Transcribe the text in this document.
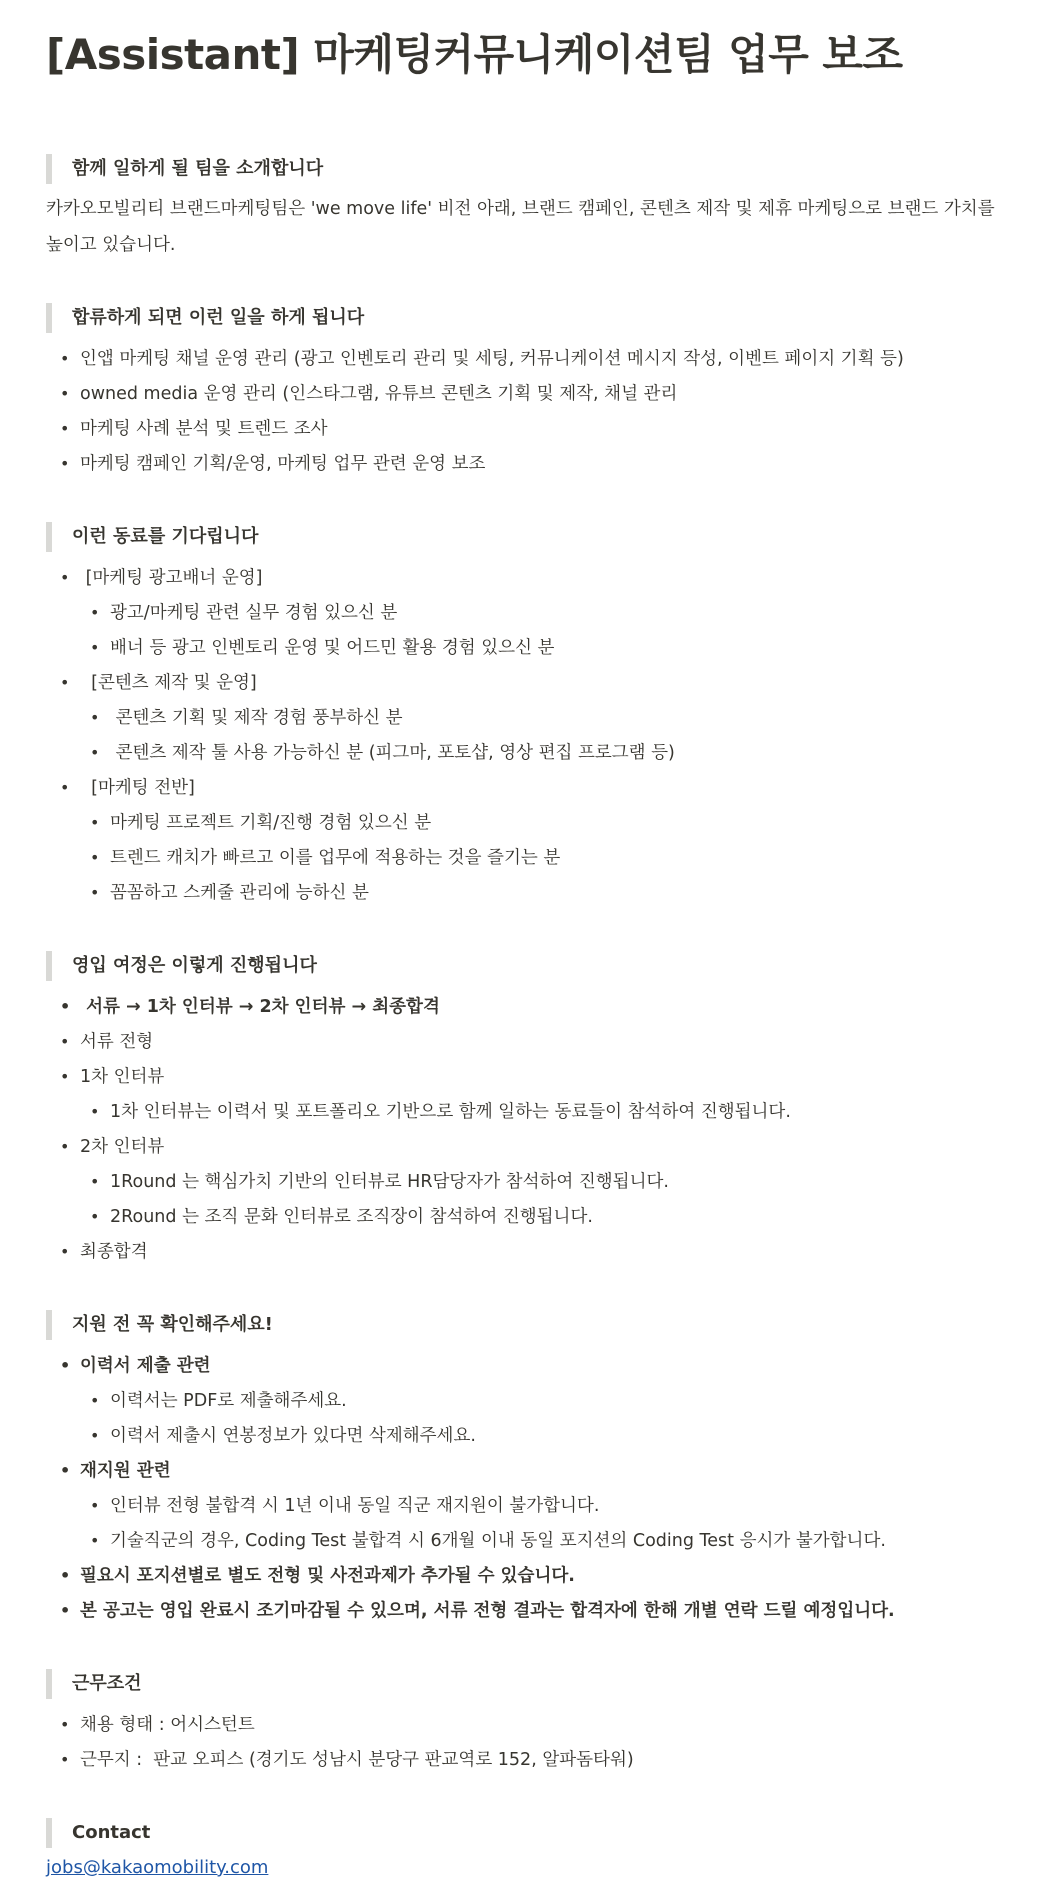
[Assistant] 마케팅커뮤니케이션팀 업무 보조
함께 일하게 될 팀을 소개합니다

카카오모빌리티 브랜드마케팅팀은 'we move life' 비전 아래, 브랜드 캠페인, 콘텐츠 제작 및 제휴 마케팅으로 브랜드 가치를 높이고 있습니다.

합류하게 되면 이런 일을 하게 됩니다
• 인앱 마케팅 채널 운영 관리 (광고 인벤토리 관리 및 세팅, 커뮤니케이션 메시지 작성, 이벤트 페이지 기획 등)
• owned media 운영 관리 (인스타그램, 유튜브 콘텐츠 기획 및 제작, 채널 관리
• 마케팅 사례 분석 및 트렌드 조사
• 마케팅 캠페인 기획/운영, 마케팅 업무 관련 운영 보조
이런 동료를 기다립니다
• [마케팅 광고배너 운영]
• 광고/마케팅 관련 실무 경험 있으신 분
• 배너 등 광고 인벤토리 운영 및 어드민 활용 경험 있으신 분
•  [콘텐츠 제작 및 운영]
• 콘텐츠 기획 및 제작 경험 풍부하신 분
• 콘텐츠 제작 툴 사용 가능하신 분 (피그마, 포토샵, 영상 편집 프로그램 등)
•  [마케팅 전반]
• 마케팅 프로젝트 기획/진행 경험 있으신 분
• 트렌드 캐치가 빠르고 이를 업무에 적용하는 것을 즐기는 분
• 꼼꼼하고 스케줄 관리에 능하신 분
영입 여정은 이렇게 진행됩니다
• 서류 → 1차 인터뷰 → 2차 인터뷰 → 최종합격
• 서류 전형
• 1차 인터뷰
• 1차 인터뷰는 이력서 및 포트폴리오 기반으로 함께 일하는 동료들이 참석하여 진행됩니다.
• 2차 인터뷰
• 1Round 는 핵심가치 기반의 인터뷰로 HR담당자가 참석하여 진행됩니다.
• 2Round 는 조직 문화 인터뷰로 조직장이 참석하여 진행됩니다.
• 최종합격
지원 전 꼭 확인해주세요!
• 이력서 제출 관련
• 이력서는 PDF로 제출해주세요.
• 이력서 제출시 연봉정보가 있다면 삭제해주세요.
• 재지원 관련
• 인터뷰 전형 불합격 시 1년 이내 동일 직군 재지원이 불가합니다.
• 기술직군의 경우, Coding Test 불합격 시 6개월 이내 동일 포지션의 Coding Test 응시가 불가합니다.
• 필요시 포지션별로 별도 전형 및 사전과제가 추가될 수 있습니다.
• 본 공고는 영입 완료시 조기마감될 수 있으며, 서류 전형 결과는 합격자에 한해 개별 연락 드릴 예정입니다.
근무조건
• 채용 형태 : 어시스턴트
• 근무지 :  판교 오피스 (경기도 성남시 분당구 판교역로 152, 알파돔타워)
Contact
jobs@kakaomobility.com
